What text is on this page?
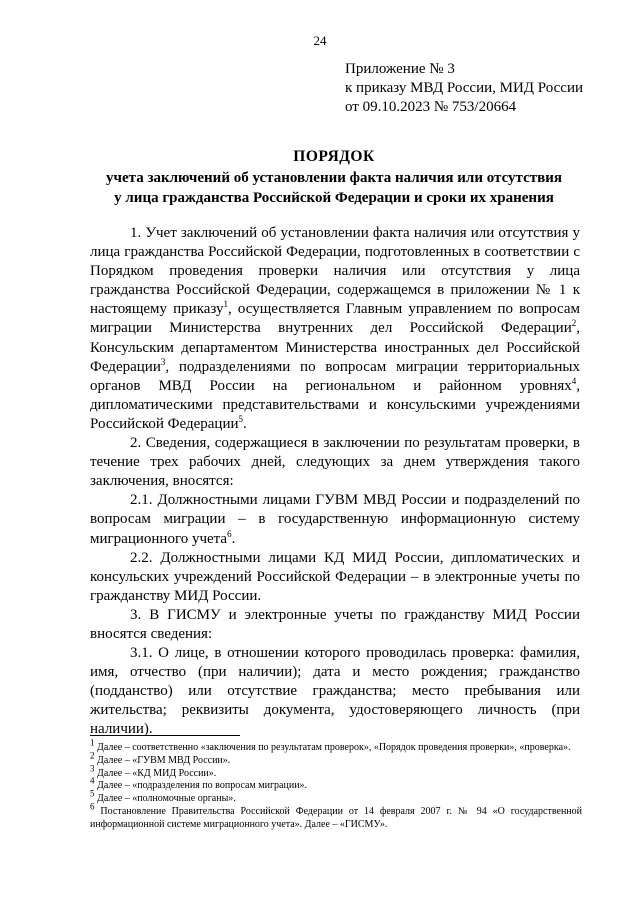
24
Приложение № 3
к приказу МВД России, МИД России
от 09.10.2023 № 753/20664
ПОРЯДОК
учета заключений об установлении факта наличия или отсутствия
у лица гражданства Российской Федерации и сроки их хранения

1. Учет заключений об установлении факта наличия или отсутствия у лица гражданства Российской Федерации, подготовленных в соответствии с Порядком проведения проверки наличия или отсутствия у лица гражданства Российской Федерации, содержащемся в приложении № 1 к настоящему приказу$^1$, осуществляется Главным управлением по вопросам миграции Министерства внутренних дел Российской Федерации$^2$, Консульским департаментом Министерства иностранных дел Российской Федерации$^3$, подразделениями по вопросам миграции территориальных органов МВД России на региональном и районном уровнях$^4$, дипломатическими представительствами и консульскими учреждениями Российской Федерации$^5$.

2. Сведения, содержащиеся в заключении по результатам проверки, в течение трех рабочих дней, следующих за днем утверждения такого заключения, вносятся:

2.1. Должностными лицами ГУВМ МВД России и подразделений по вопросам миграции – в государственную информационную систему миграционного учета$^6$.

2.2. Должностными лицами КД МИД России, дипломатических и консульских учреждений Российской Федерации – в электронные учеты по гражданству МИД России.

3. В ГИСМУ и электронные учеты по гражданству МИД России вносятся сведения:

3.1. О лице, в отношении которого проводилась проверка: фамилия, имя, отчество (при наличии); дата и место рождения; гражданство (подданство) или отсутствие гражданства; место пребывания или жительства; реквизиты документа, удостоверяющего личность (при наличии).

$^1$ Далее – соответственно «заключения по результатам проверок», «Порядок проведения проверки», «проверка».

$^2$ Далее – «ГУВМ МВД России».

$^3$ Далее – «КД МИД России».

$^4$ Далее – «подразделения по вопросам миграции».

$^5$ Далее – «полномочные органы».

$^6$ Постановление Правительства Российской Федерации от 14 февраля 2007 г. № 94 «О государственной информационной системе миграционного учета». Далее – «ГИСМУ».
